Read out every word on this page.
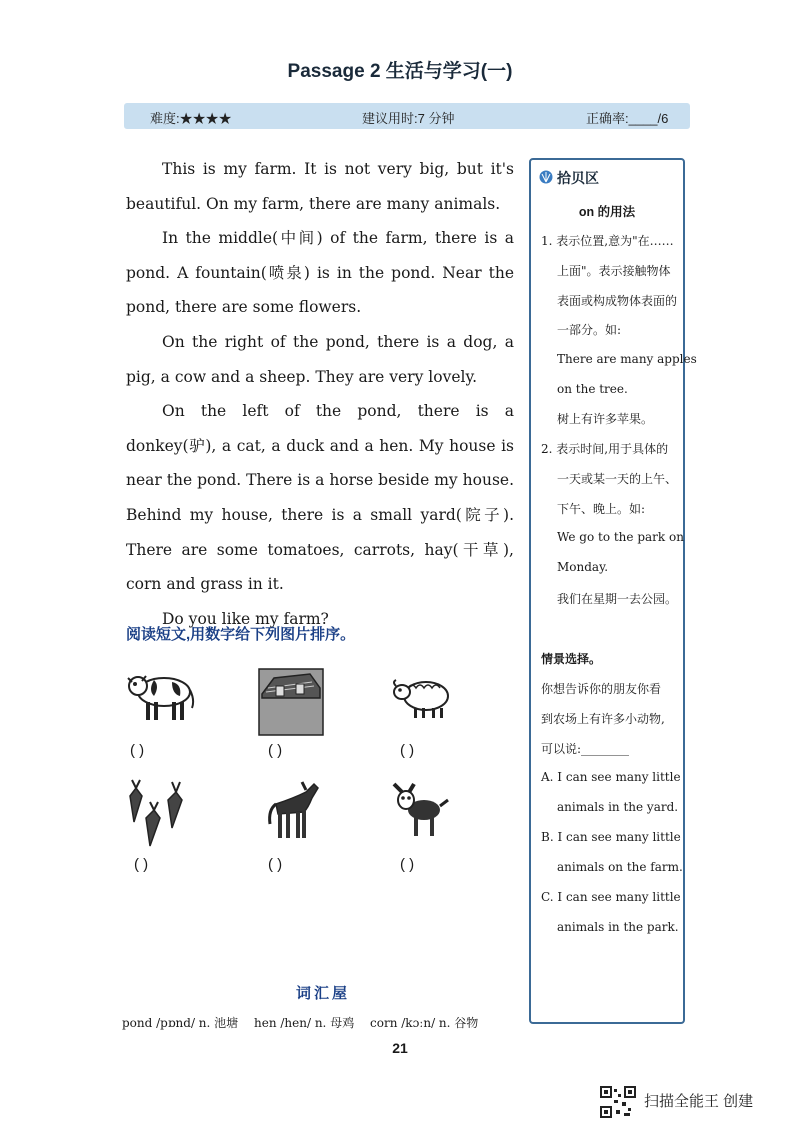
Passage 2 生活与学习(一)
难度:★★★★	建议用时:7 分钟	正确率:____/6

This is my farm. It is not very big, but it's beautiful. On my farm, there are many animals.

In the middle(中间) of the farm, there is a pond. A fountain(喷泉) is in the pond. Near the pond, there are some flowers.

On the right of the pond, there is a dog, a pig, a cow and a sheep. They are very lovely.

On the left of the pond, there is a donkey(驴), a cat, a duck and a hen. My house is near the pond. There is a horse beside my house. Behind my house, there is a small yard(院子). There are some tomatoes, carrots, hay(干草), corn and grass in it.

Do you like my farm?

拾贝区
on 的用法
1. 表示位置,意为"在……
上面"。表示接触物体
表面或构成物体表面的
一部分。如:
There are many apples
on the tree.
树上有许多苹果。
2. 表示时间,用于具体的
一天或某一天的上午、
下午、晚上。如:
We go to the park on
Monday.
我们在星期一去公园。
情景选择。
你想告诉你的朋友你看
到农场上有许多小动物,
可以说:________
A. I can see many little
animals in the yard.
B. I can see many little
animals on the farm.
C. I can see many little
animals in the park.
阅读短文,用数字给下列图片排序。
( )	( )	( )
( )	( )	( )
词汇屋
pond /pɒnd/ n. 池塘 hen /hen/ n. 母鸡 corn /kɔːn/ n. 谷物
21
扫描全能王 创建
